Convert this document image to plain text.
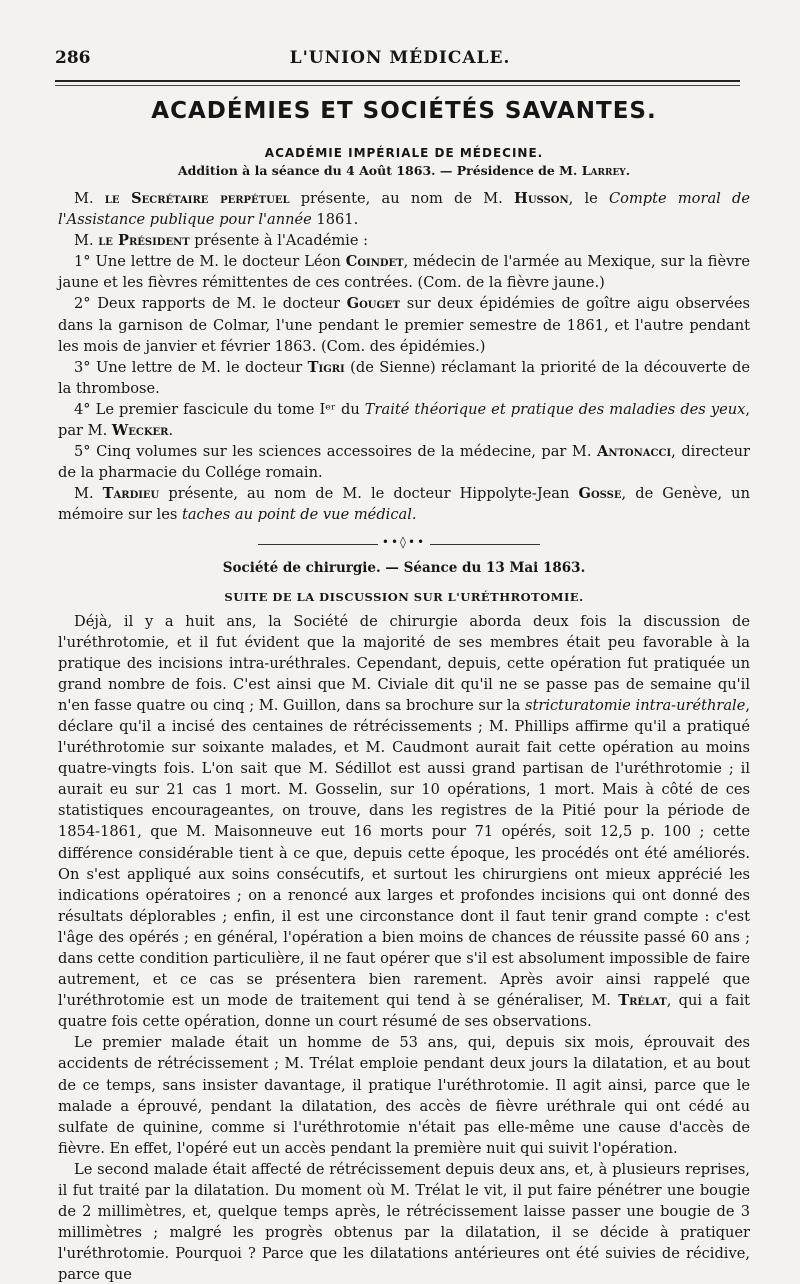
286	L'UNION MÉDICALE.
ACADÉMIES ET SOCIÉTÉS SAVANTES.
ACADÉMIE IMPÉRIALE DE MÉDECINE.
Addition à la séance du 4 Août 1863. — Présidence de M. Larrey.

M. le Secrétaire perpétuel présente, au nom de M. Husson, le Compte moral de l'Assistance publique pour l'année 1861.

M. le Président présente à l'Académie :

1° Une lettre de M. le docteur Léon Coindet, médecin de l'armée au Mexique, sur la fièvre jaune et les fièvres rémittentes de ces contrées. (Com. de la fièvre jaune.)

2° Deux rapports de M. le docteur Gouget sur deux épidémies de goître aigu observées dans la garnison de Colmar, l'une pendant le premier semestre de 1861, et l'autre pendant les mois de janvier et février 1863. (Com. des épidémies.)

3° Une lettre de M. le docteur Tigri (de Sienne) réclamant la priorité de la découverte de la thrombose.

4° Le premier fascicule du tome Iᵉʳ du Traité théorique et pratique des maladies des yeux, par M. Wecker.

5° Cinq volumes sur les sciences accessoires de la médecine, par M. Antonacci, directeur de la pharmacie du Collége romain.

M. Tardieu présente, au nom de M. le docteur Hippolyte-Jean Gosse, de Genève, un mémoire sur les taches au point de vue médical.

••◊••
Société de chirurgie. — Séance du 13 Mai 1863.
SUITE DE LA DISCUSSION SUR L'URÉTHROTOMIE.

Déjà, il y a huit ans, la Société de chirurgie aborda deux fois la discussion de l'uréthrotomie, et il fut évident que la majorité de ses membres était peu favorable à la pratique des incisions intra-uréthrales. Cependant, depuis, cette opération fut pratiquée un grand nombre de fois. C'est ainsi que M. Civiale dit qu'il ne se passe pas de semaine qu'il n'en fasse quatre ou cinq ; M. Guillon, dans sa brochure sur la stricturatomie intra-uréthrale, déclare qu'il a incisé des centaines de rétrécissements ; M. Phillips affirme qu'il a pratiqué l'uréthrotomie sur soixante malades, et M. Caudmont aurait fait cette opération au moins quatre-vingts fois. L'on sait que M. Sédillot est aussi grand partisan de l'uréthrotomie ; il aurait eu sur 21 cas 1 mort. M. Gosselin, sur 10 opérations, 1 mort. Mais à côté de ces statistiques encourageantes, on trouve, dans les registres de la Pitié pour la période de 1854-1861, que M. Maisonneuve eut 16 morts pour 71 opérés, soit 12,5 p. 100 ; cette différence considérable tient à ce que, depuis cette époque, les procédés ont été améliorés. On s'est appliqué aux soins consécutifs, et surtout les chirurgiens ont mieux apprécié les indications opératoires ; on a renoncé aux larges et profondes incisions qui ont donné des résultats déplorables ; enfin, il est une circonstance dont il faut tenir grand compte : c'est l'âge des opérés ; en général, l'opération a bien moins de chances de réussite passé 60 ans ; dans cette condition particulière, il ne faut opérer que s'il est absolument impossible de faire autrement, et ce cas se présentera bien rarement. Après avoir ainsi rappelé que l'uréthrotomie est un mode de traitement qui tend à se généraliser, M. Trélat, qui a fait quatre fois cette opération, donne un court résumé de ses observations.

Le premier malade était un homme de 53 ans, qui, depuis six mois, éprouvait des accidents de rétrécissement ; M. Trélat emploie pendant deux jours la dilatation, et au bout de ce temps, sans insister davantage, il pratique l'uréthrotomie. Il agit ainsi, parce que le malade a éprouvé, pendant la dilatation, des accès de fièvre uréthrale qui ont cédé au sulfate de quinine, comme si l'uréthrotomie n'était pas elle-même une cause d'accès de fièvre. En effet, l'opéré eut un accès pendant la première nuit qui suivit l'opération.

Le second malade était affecté de rétrécissement depuis deux ans, et, à plusieurs reprises, il fut traité par la dilatation. Du moment où M. Trélat le vit, il put faire pénétrer une bougie de 2 millimètres, et, quelque temps après, le rétrécissement laisse passer une bougie de 3 millimètres ; malgré les progrès obtenus par la dilatation, il se décide à pratiquer l'uréthrotomie. Pourquoi ? Parce que les dilatations antérieures ont été suivies de récidive, parce que
